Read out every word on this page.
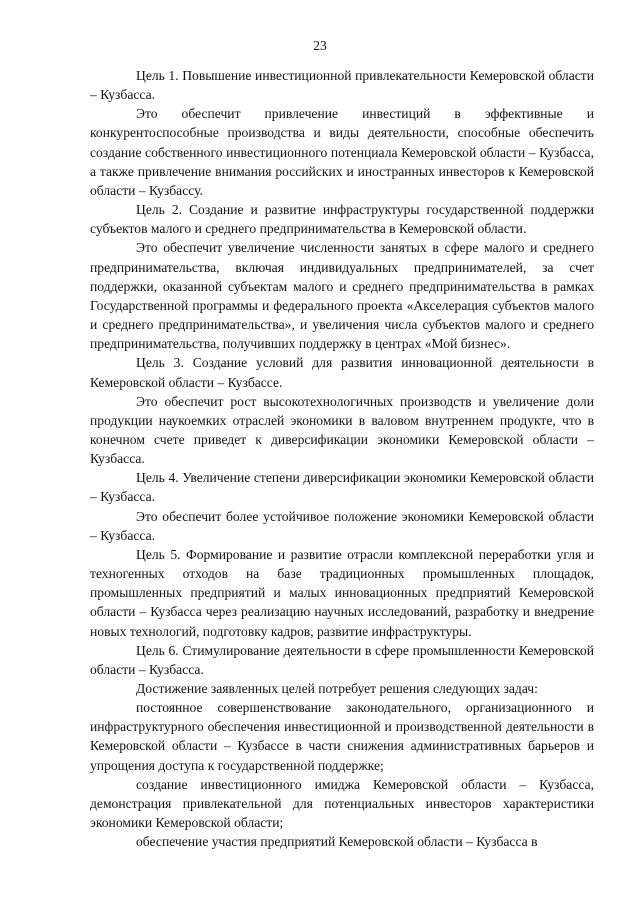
23

Цель 1. Повышение инвестиционной привлекательности Кемеровской области – Кузбасса.

Это обеспечит привлечение инвестиций в эффективные и конкурентоспособные производства и виды деятельности, способные обеспечить создание собственного инвестиционного потенциала Кемеровской области – Кузбасса, а также привлечение внимания российских и иностранных инвесторов к Кемеровской области – Кузбассу.

Цель 2. Создание и развитие инфраструктуры государственной поддержки субъектов малого и среднего предпринимательства в Кемеровской области.

Это обеспечит увеличение численности занятых в сфере малого и среднего предпринимательства, включая индивидуальных предпринимателей, за счет поддержки, оказанной субъектам малого и среднего предпринимательства в рамках Государственной программы и федерального проекта «Акселерация субъектов малого и среднего предпринимательства», и увеличения числа субъектов малого и среднего предпринимательства, получивших поддержку в центрах «Мой бизнес».

Цель 3. Создание условий для развития инновационной деятельности в Кемеровской области – Кузбассе.

Это обеспечит рост высокотехнологичных производств и увеличение доли продукции наукоемких отраслей экономики в валовом внутреннем продукте, что в конечном счете приведет к диверсификации экономики Кемеровской области – Кузбасса.

Цель 4. Увеличение степени диверсификации экономики Кемеровской области – Кузбасса.

Это обеспечит более устойчивое положение экономики Кемеровской области – Кузбасса.

Цель 5. Формирование и развитие отрасли комплексной переработки угля и техногенных отходов на базе традиционных промышленных площадок, промышленных предприятий и малых инновационных предприятий Кемеровской области – Кузбасса через реализацию научных исследований, разработку и внедрение новых технологий, подготовку кадров, развитие инфраструктуры.

Цель 6. Стимулирование деятельности в сфере промышленности Кемеровской области – Кузбасса.

Достижение заявленных целей потребует решения следующих задач:

постоянное совершенствование законодательного, организационного и инфраструктурного обеспечения инвестиционной и производственной деятельности в Кемеровской области – Кузбассе в части снижения административных барьеров и упрощения доступа к государственной поддержке;

создание инвестиционного имиджа Кемеровской области – Кузбасса, демонстрация привлекательной для потенциальных инвесторов характеристики экономики Кемеровской области;

обеспечение участия предприятий Кемеровской области – Кузбасса в
